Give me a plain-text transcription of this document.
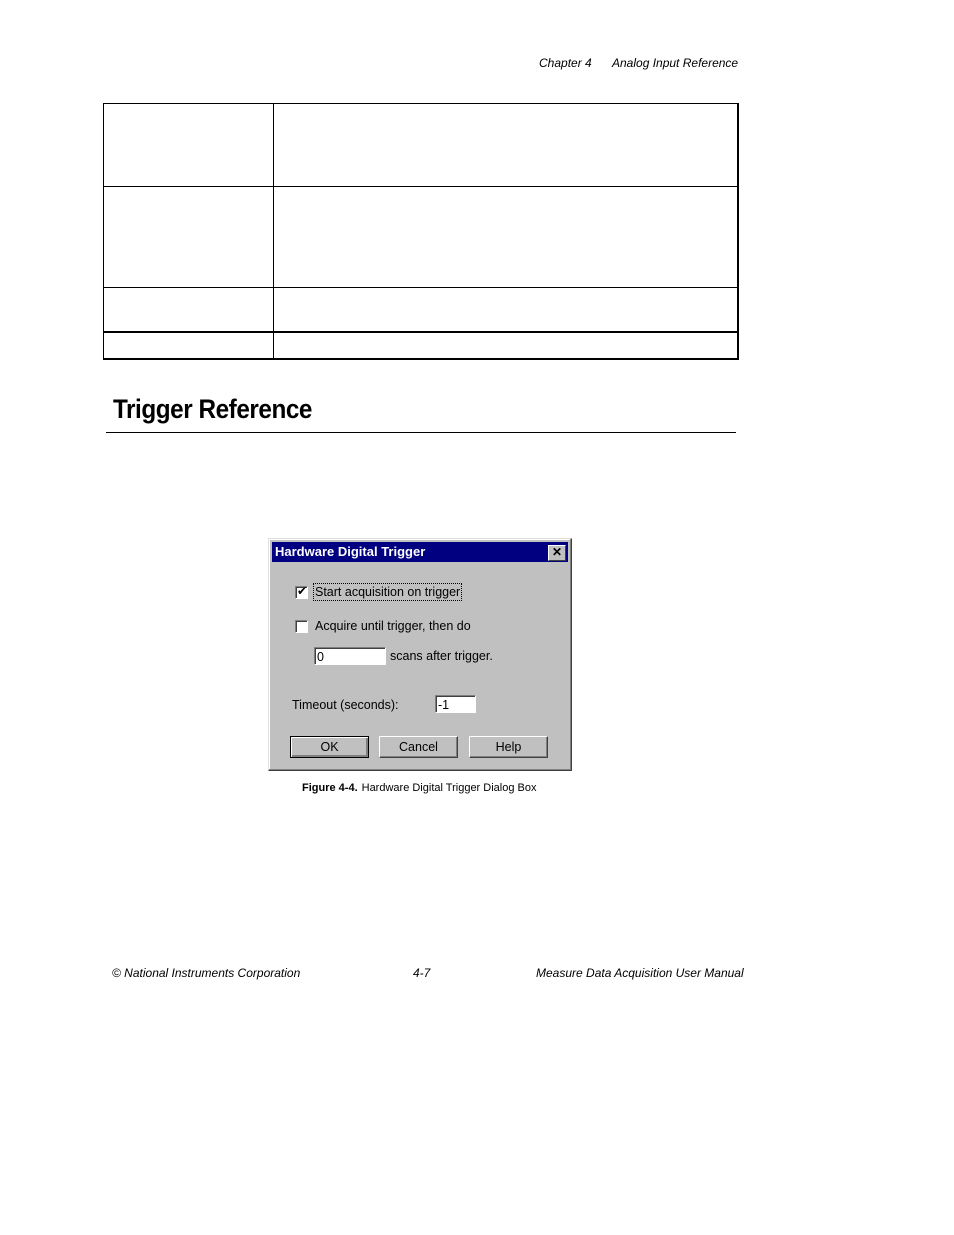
Chapter 4 Analog Input Reference
Trigger Reference
Hardware Digital Trigger	✕
✔ Start acquisition on trigger
Acquire until trigger, then do
0	scans after trigger.
Timeout (seconds):	-1
OK	Cancel	Help
Figure 4-4. Hardware Digital Trigger Dialog Box
© National Instruments Corporation	4-7	Measure Data Acquisition User Manual
